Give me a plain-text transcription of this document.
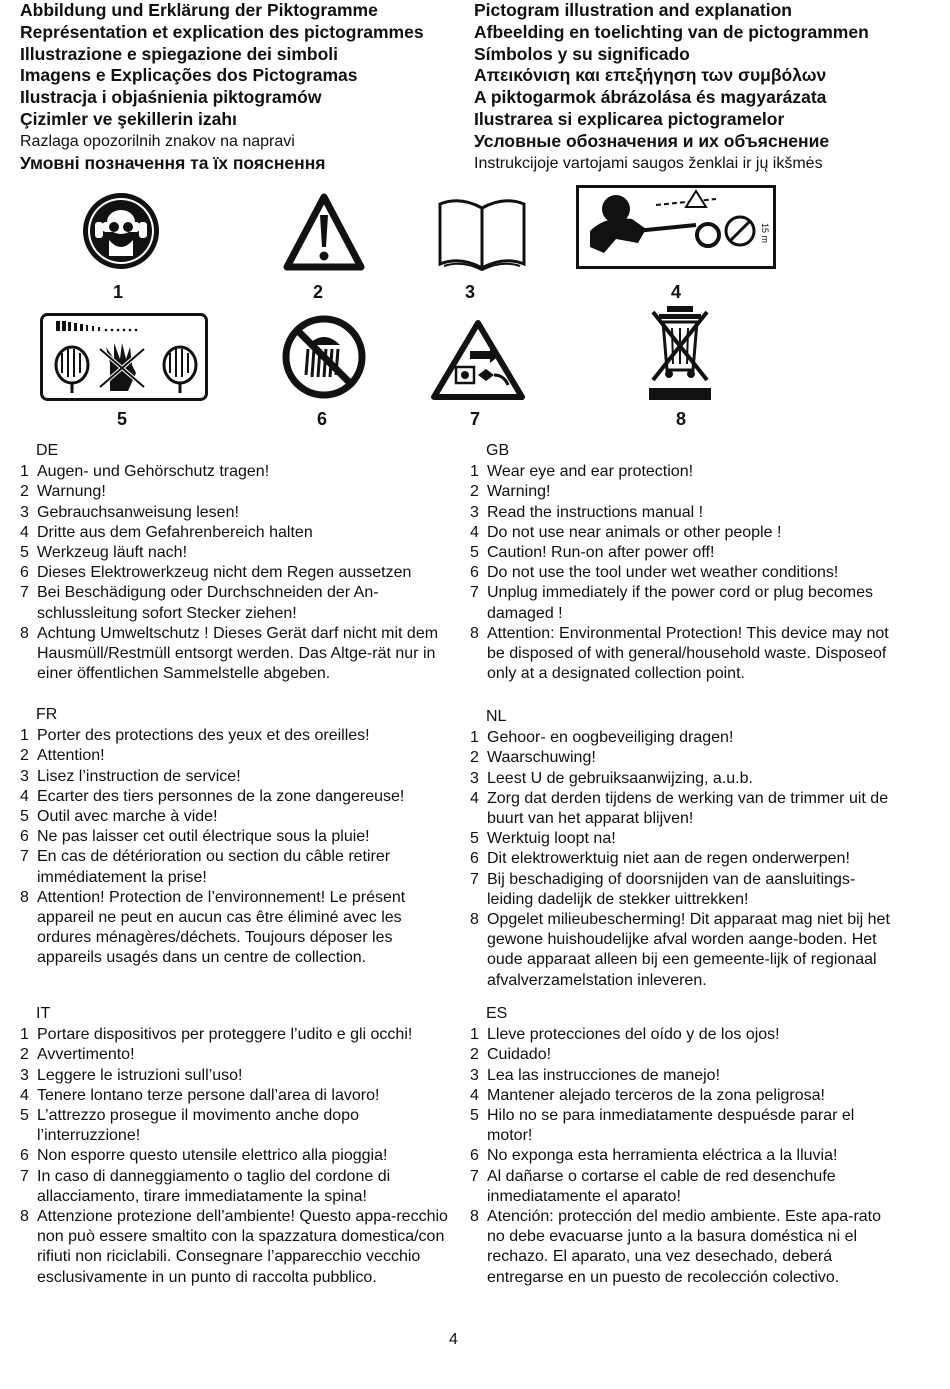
Abbildung und Erklärung der Piktogramme
Représentation et explication des pictogrammes
Illustrazione e spiegazione dei simboli
Imagens e Explicações dos Pictogramas
Ilustracja i objaśnienia piktogramów
Çizimler ve şekillerin izahı
Razlaga opozorilnih znakov na napravi
Умовні позначення та їх пояснення
Pictogram illustration and explanation
Afbeelding en toelichting van de pictogrammen
Símbolos y su significado
Απεικόνιση και επεξήγηση των συμβόλων
A piktogarmok ábrázolása és magyarázata
Ilustrarea si explicarea pictogramelor
Условные обозначения и их объяснение
Instrukcijoje vartojami saugos ženklai ir jų ikšmės
1	2	3
15 m
4
5	6	7	8
DE
1 Augen- und Gehörschutz tragen!
2 Warnung!
3 Gebrauchsanweisung lesen!
4 Dritte aus dem Gefahrenbereich halten
5 Werkzeug läuft nach!
6 Dieses Elektrowerkzeug nicht dem Regen aussetzen
7 Bei Beschädigung oder Durchschneiden der An-schlussleitung sofort Stecker ziehen!
8 Achtung Umweltschutz ! Dieses Gerät darf nicht mit dem Hausmüll/Restmüll entsorgt werden. Das Altge-rät nur in einer öffentlichen Sammelstelle abgeben.
GB
1 Wear eye and ear protection!
2 Warning!
3 Read the instructions manual !
4 Do not use near animals or other people !
5 Caution! Run-on after power off!
6 Do not use the tool under wet weather conditions!
7 Unplug immediately if the power cord or plug becomes damaged !
8 Attention: Environmental Protection! This device may not be disposed of with general/household waste. Disposeof only at a designated collection point.
FR
1 Porter des protections des yeux et des oreilles!
2 Attention!
3 Lisez l’instruction de service!
4 Ecarter des tiers personnes de la zone dangereuse!
5 Outil avec marche à vide!
6 Ne pas laisser cet outil électrique sous la pluie!
7 En cas de détérioration ou section du câble retirer immédiatement la prise!
8 Attention! Protection de l’environnement! Le présent appareil ne peut en aucun cas être éliminé avec les ordures ménagères/déchets. Toujours déposer les appareils usagés dans un centre de collection.
NL
1 Gehoor- en oogbeveiliging dragen!
2 Waarschuwing!
3 Leest U de gebruiksaanwijzing, a.u.b.
4 Zorg dat derden tijdens de werking van de trimmer uit de buurt van het apparat blijven!
5 Werktuig loopt na!
6 Dit elektrowerktuig niet aan de regen onderwerpen!
7 Bij beschadiging of doorsnijden van de aansluitings-leiding dadelijk de stekker uittrekken!
8 Opgelet milieubescherming! Dit apparaat mag niet bij het gewone huishoudelijke afval worden aange-boden. Het oude apparaat alleen bij een gemeente-lijk of regionaal afvalverzamelstation inleveren.
IT
1 Portare dispositivos per proteggere l’udito e gli occhi!
2 Avvertimento!
3 Leggere le istruzioni sull’uso!
4 Tenere lontano terze persone dall’area di lavoro!
5 L’attrezzo prosegue il movimento anche dopo l’interruzzione!
6 Non esporre questo utensile elettrico alla pioggia!
7 In caso di danneggiamento o taglio del cordone di allacciamento, tirare immediatamente la spina!
8 Attenzione protezione dell’ambiente! Questo appa-recchio non può essere smaltito con la spazzatura domestica/con rifiuti non riciclabili. Consegnare l’apparecchio vecchio esclusivamente in un punto di raccolta pubblico.
ES
1 Lleve protecciones del oído y de los ojos!
2 Cuidado!
3 Lea las instrucciones de manejo!
4 Mantener alejado terceros de la zona peligrosa!
5 Hilo no se para inmediatamente despuésde parar el motor!
6 No exponga esta herramienta eléctrica a la lluvia!
7 Al dañarse o cortarse el cable de red desenchufe inmediatamente el aparato!
8 Atención: protección del medio ambiente. Este apa-rato no debe evacuarse junto a la basura doméstica ni el rechazo. El aparato, una vez desechado, deberá entregarse en un puesto de recolección colectivo.
4
